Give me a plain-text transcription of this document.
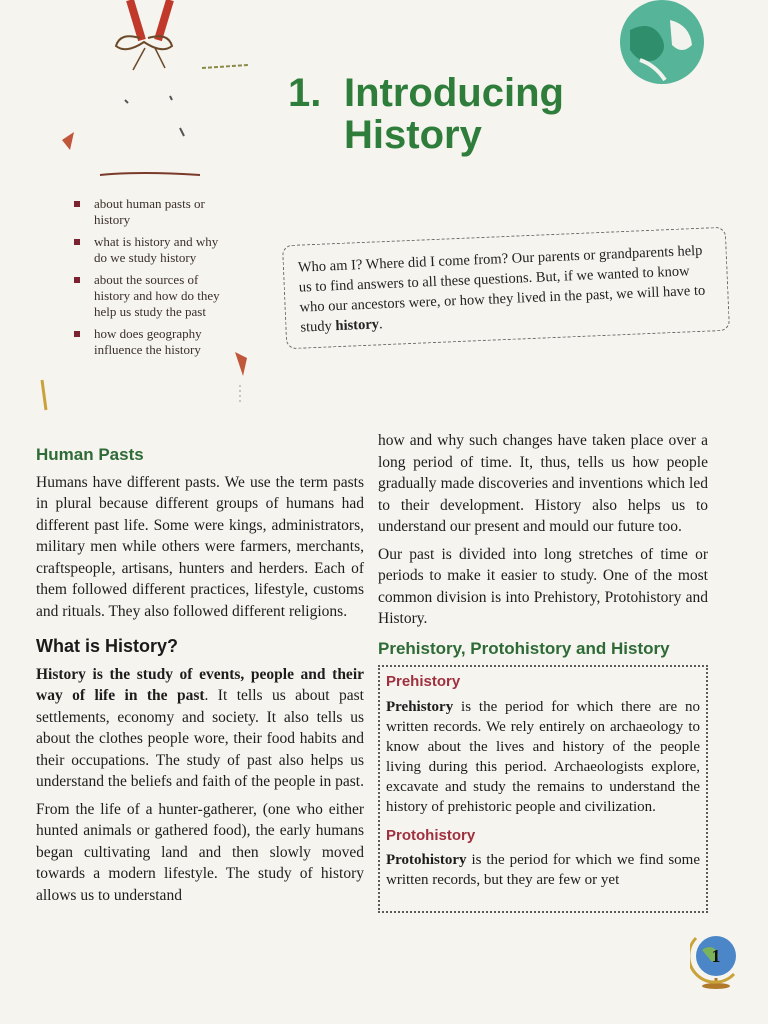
1. Introducing
History
about human pasts or history
what is history and why do we study history
about the sources of history and how do they help us study the past
how does geography influence the history
Who am I? Where did I come from? Our parents or grandparents help us to find answers to all these questions. But, if we wanted to know who our ancestors were, or how they lived in the past, we will have to study history.
Human Pasts

Humans have different pasts. We use the term pasts in plural because different groups of humans had different past life. Some were kings, administrators, military men while others were farmers, merchants, craftspeople, artisans, hunters and herders. Each of them followed different practices, lifestyle, customs and rituals. They also followed different religions.

What is History?

History is the study of events, people and their way of life in the past. It tells us about past settlements, economy and society. It also tells us about the clothes people wore, their food habits and their occupations. The study of past also helps us understand the beliefs and faith of the people in past.

From the life of a hunter-gatherer, (one who either hunted animals or gathered food), the early humans began cultivating land and then slowly moved towards a modern lifestyle. The study of history allows us to understand

how and why such changes have taken place over a long period of time. It, thus, tells us how people gradually made discoveries and inventions which led to their development. History also helps us to understand our present and mould our future too.

Our past is divided into long stretches of time or periods to make it easier to study. One of the most common division is into Prehistory, Protohistory and History.

Prehistory, Protohistory and History
Prehistory

Prehistory is the period for which there are no written records. We rely entirely on archaeology to know about the lives and history of the people living during this period. Archaeologists explore, excavate and study the remains to understand the history of prehistoric people and civilization.

Protohistory

Protohistory is the period for which we find some written records, but they are few or yet

1
